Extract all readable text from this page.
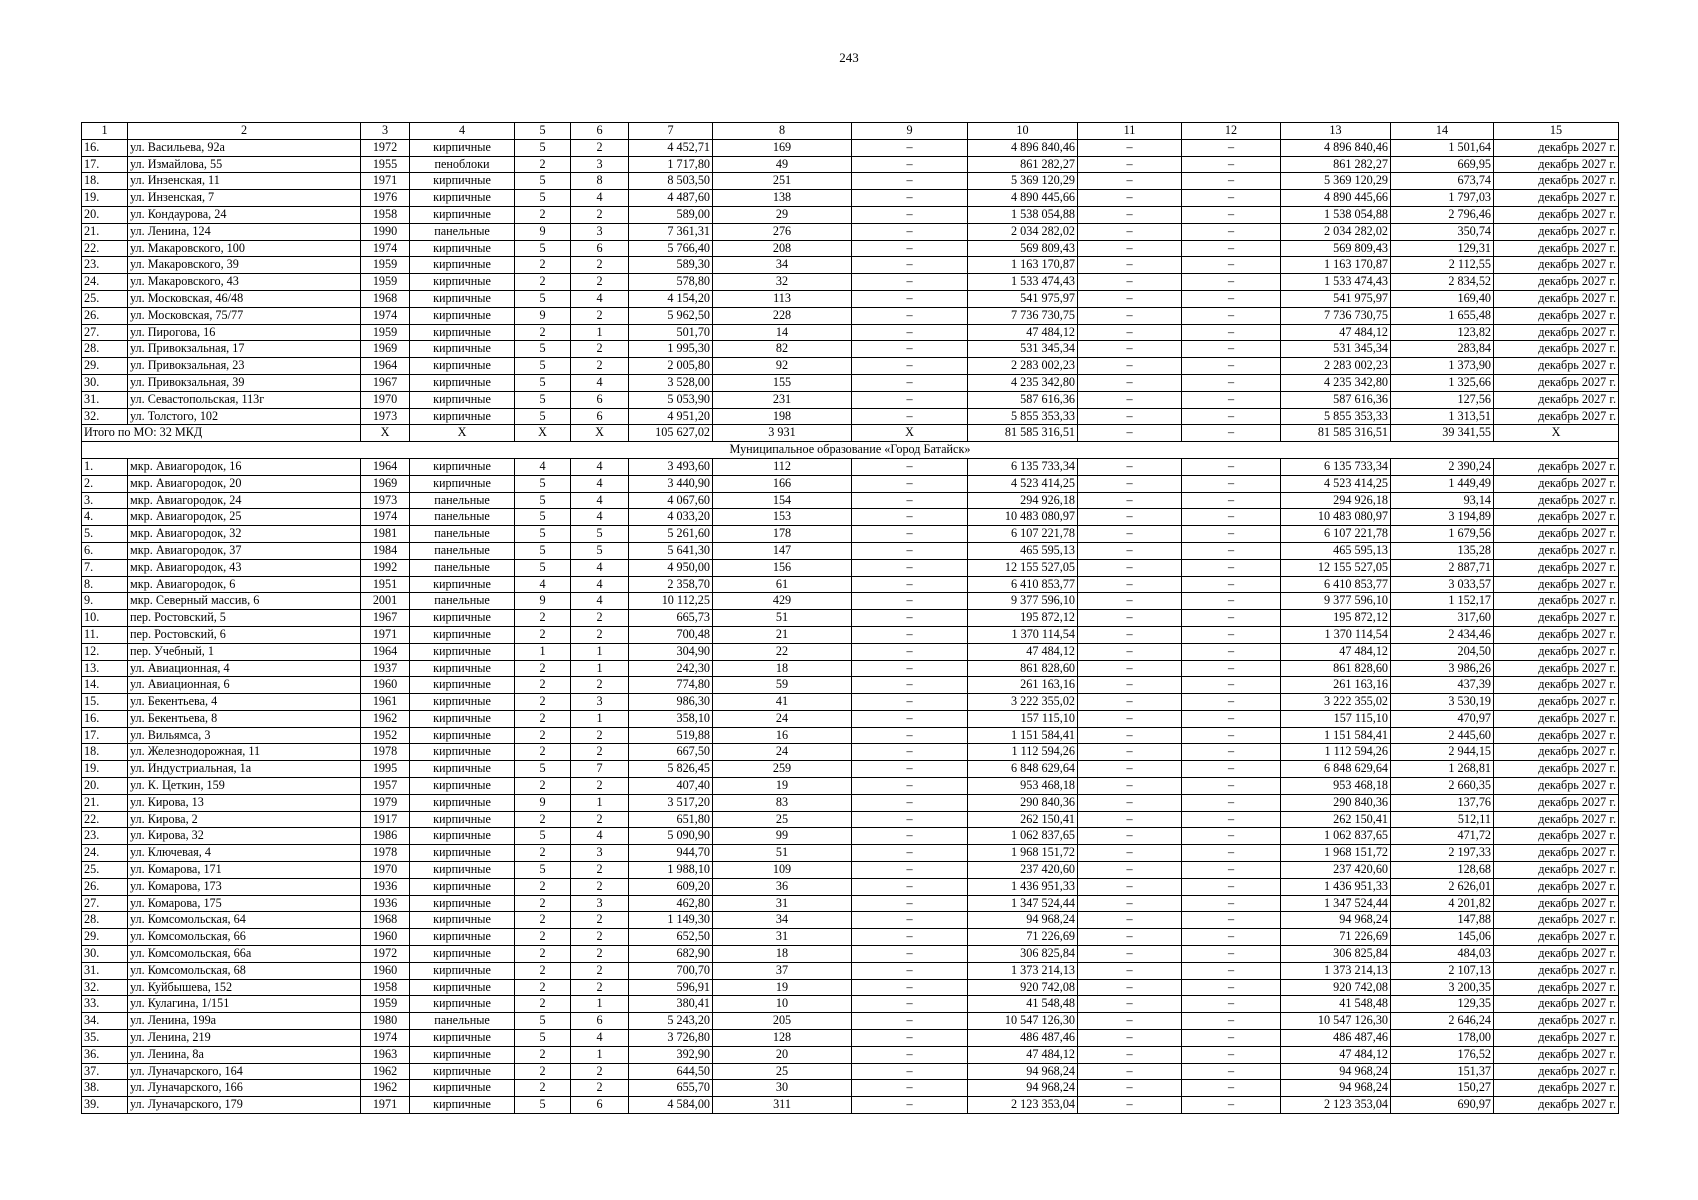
243
1	2	3	4	5	6	7	8	9	10	11	12	13	14	15
16.	ул. Васильева, 92а	1972	кирпичные	5	2	4 452,71	169	–	4 896 840,46	–	–	4 896 840,46	1 501,64	декабрь 2027 г.
17.	ул. Измайлова, 55	1955	пеноблоки	2	3	1 717,80	49	–	861 282,27	–	–	861 282,27	669,95	декабрь 2027 г.
18.	ул. Инзенская, 11	1971	кирпичные	5	8	8 503,50	251	–	5 369 120,29	–	–	5 369 120,29	673,74	декабрь 2027 г.
19.	ул. Инзенская, 7	1976	кирпичные	5	4	4 487,60	138	–	4 890 445,66	–	–	4 890 445,66	1 797,03	декабрь 2027 г.
20.	ул. Кондаурова, 24	1958	кирпичные	2	2	589,00	29	–	1 538 054,88	–	–	1 538 054,88	2 796,46	декабрь 2027 г.
21.	ул. Ленина, 124	1990	панельные	9	3	7 361,31	276	–	2 034 282,02	–	–	2 034 282,02	350,74	декабрь 2027 г.
22.	ул. Макаровского, 100	1974	кирпичные	5	6	5 766,40	208	–	569 809,43	–	–	569 809,43	129,31	декабрь 2027 г.
23.	ул. Макаровского, 39	1959	кирпичные	2	2	589,30	34	–	1 163 170,87	–	–	1 163 170,87	2 112,55	декабрь 2027 г.
24.	ул. Макаровского, 43	1959	кирпичные	2	2	578,80	32	–	1 533 474,43	–	–	1 533 474,43	2 834,52	декабрь 2027 г.
25.	ул. Московская, 46/48	1968	кирпичные	5	4	4 154,20	113	–	541 975,97	–	–	541 975,97	169,40	декабрь 2027 г.
26.	ул. Московская, 75/77	1974	кирпичные	9	2	5 962,50	228	–	7 736 730,75	–	–	7 736 730,75	1 655,48	декабрь 2027 г.
27.	ул. Пирогова, 16	1959	кирпичные	2	1	501,70	14	–	47 484,12	–	–	47 484,12	123,82	декабрь 2027 г.
28.	ул. Привокзальная, 17	1969	кирпичные	5	2	1 995,30	82	–	531 345,34	–	–	531 345,34	283,84	декабрь 2027 г.
29.	ул. Привокзальная, 23	1964	кирпичные	5	2	2 005,80	92	–	2 283 002,23	–	–	2 283 002,23	1 373,90	декабрь 2027 г.
30.	ул. Привокзальная, 39	1967	кирпичные	5	4	3 528,00	155	–	4 235 342,80	–	–	4 235 342,80	1 325,66	декабрь 2027 г.
31.	ул. Севастопольская, 113г	1970	кирпичные	5	6	5 053,90	231	–	587 616,36	–	–	587 616,36	127,56	декабрь 2027 г.
32.	ул. Толстого, 102	1973	кирпичные	5	6	4 951,20	198	–	5 855 353,33	–	–	5 855 353,33	1 313,51	декабрь 2027 г.
Итого по МО: 32 МКД		Х	Х	Х	Х	105 627,02	3 931	Х	81 585 316,51	–	–	81 585 316,51	39 341,55	Х
Муниципальное образование «Город Батайск»														
1.	мкр. Авиагородок, 16	1964	кирпичные	4	4	3 493,60	112	–	6 135 733,34	–	–	6 135 733,34	2 390,24	декабрь 2027 г.
2.	мкр. Авиагородок, 20	1969	кирпичные	5	4	3 440,90	166	–	4 523 414,25	–	–	4 523 414,25	1 449,49	декабрь 2027 г.
3.	мкр. Авиагородок, 24	1973	панельные	5	4	4 067,60	154	–	294 926,18	–	–	294 926,18	93,14	декабрь 2027 г.
4.	мкр. Авиагородок, 25	1974	панельные	5	4	4 033,20	153	–	10 483 080,97	–	–	10 483 080,97	3 194,89	декабрь 2027 г.
5.	мкр. Авиагородок, 32	1981	панельные	5	5	5 261,60	178	–	6 107 221,78	–	–	6 107 221,78	1 679,56	декабрь 2027 г.
6.	мкр. Авиагородок, 37	1984	панельные	5	5	5 641,30	147	–	465 595,13	–	–	465 595,13	135,28	декабрь 2027 г.
7.	мкр. Авиагородок, 43	1992	панельные	5	4	4 950,00	156	–	12 155 527,05	–	–	12 155 527,05	2 887,71	декабрь 2027 г.
8.	мкр. Авиагородок, 6	1951	кирпичные	4	4	2 358,70	61	–	6 410 853,77	–	–	6 410 853,77	3 033,57	декабрь 2027 г.
9.	мкр. Северный массив, 6	2001	панельные	9	4	10 112,25	429	–	9 377 596,10	–	–	9 377 596,10	1 152,17	декабрь 2027 г.
10.	пер. Ростовский, 5	1967	кирпичные	2	2	665,73	51	–	195 872,12	–	–	195 872,12	317,60	декабрь 2027 г.
11.	пер. Ростовский, 6	1971	кирпичные	2	2	700,48	21	–	1 370 114,54	–	–	1 370 114,54	2 434,46	декабрь 2027 г.
12.	пер. Учебный, 1	1964	кирпичные	1	1	304,90	22	–	47 484,12	–	–	47 484,12	204,50	декабрь 2027 г.
13.	ул. Авиационная, 4	1937	кирпичные	2	1	242,30	18	–	861 828,60	–	–	861 828,60	3 986,26	декабрь 2027 г.
14.	ул. Авиационная, 6	1960	кирпичные	2	2	774,80	59	–	261 163,16	–	–	261 163,16	437,39	декабрь 2027 г.
15.	ул. Бекентьева, 4	1961	кирпичные	2	3	986,30	41	–	3 222 355,02	–	–	3 222 355,02	3 530,19	декабрь 2027 г.
16.	ул. Бекентьева, 8	1962	кирпичные	2	1	358,10	24	–	157 115,10	–	–	157 115,10	470,97	декабрь 2027 г.
17.	ул. Вильямса, 3	1952	кирпичные	2	2	519,88	16	–	1 151 584,41	–	–	1 151 584,41	2 445,60	декабрь 2027 г.
18.	ул. Железнодорожная, 11	1978	кирпичные	2	2	667,50	24	–	1 112 594,26	–	–	1 112 594,26	2 944,15	декабрь 2027 г.
19.	ул. Индустриальная, 1а	1995	кирпичные	5	7	5 826,45	259	–	6 848 629,64	–	–	6 848 629,64	1 268,81	декабрь 2027 г.
20.	ул. К. Цеткин, 159	1957	кирпичные	2	2	407,40	19	–	953 468,18	–	–	953 468,18	2 660,35	декабрь 2027 г.
21.	ул. Кирова, 13	1979	кирпичные	9	1	3 517,20	83	–	290 840,36	–	–	290 840,36	137,76	декабрь 2027 г.
22.	ул. Кирова, 2	1917	кирпичные	2	2	651,80	25	–	262 150,41	–	–	262 150,41	512,11	декабрь 2027 г.
23.	ул. Кирова, 32	1986	кирпичные	5	4	5 090,90	99	–	1 062 837,65	–	–	1 062 837,65	471,72	декабрь 2027 г.
24.	ул. Ключевая, 4	1978	кирпичные	2	3	944,70	51	–	1 968 151,72	–	–	1 968 151,72	2 197,33	декабрь 2027 г.
25.	ул. Комарова, 171	1970	кирпичные	5	2	1 988,10	109	–	237 420,60	–	–	237 420,60	128,68	декабрь 2027 г.
26.	ул. Комарова, 173	1936	кирпичные	2	2	609,20	36	–	1 436 951,33	–	–	1 436 951,33	2 626,01	декабрь 2027 г.
27.	ул. Комарова, 175	1936	кирпичные	2	3	462,80	31	–	1 347 524,44	–	–	1 347 524,44	4 201,82	декабрь 2027 г.
28.	ул. Комсомольская, 64	1968	кирпичные	2	2	1 149,30	34	–	94 968,24	–	–	94 968,24	147,88	декабрь 2027 г.
29.	ул. Комсомольская, 66	1960	кирпичные	2	2	652,50	31	–	71 226,69	–	–	71 226,69	145,06	декабрь 2027 г.
30.	ул. Комсомольская, 66а	1972	кирпичные	2	2	682,90	18	–	306 825,84	–	–	306 825,84	484,03	декабрь 2027 г.
31.	ул. Комсомольская, 68	1960	кирпичные	2	2	700,70	37	–	1 373 214,13	–	–	1 373 214,13	2 107,13	декабрь 2027 г.
32.	ул. Куйбышева, 152	1958	кирпичные	2	2	596,91	19	–	920 742,08	–	–	920 742,08	3 200,35	декабрь 2027 г.
33.	ул. Кулагина, 1/151	1959	кирпичные	2	1	380,41	10	–	41 548,48	–	–	41 548,48	129,35	декабрь 2027 г.
34.	ул. Ленина, 199а	1980	панельные	5	6	5 243,20	205	–	10 547 126,30	–	–	10 547 126,30	2 646,24	декабрь 2027 г.
35.	ул. Ленина, 219	1974	кирпичные	5	4	3 726,80	128	–	486 487,46	–	–	486 487,46	178,00	декабрь 2027 г.
36.	ул. Ленина, 8а	1963	кирпичные	2	1	392,90	20	–	47 484,12	–	–	47 484,12	176,52	декабрь 2027 г.
37.	ул. Луначарского, 164	1962	кирпичные	2	2	644,50	25	–	94 968,24	–	–	94 968,24	151,37	декабрь 2027 г.
38.	ул. Луначарского, 166	1962	кирпичные	2	2	655,70	30	–	94 968,24	–	–	94 968,24	150,27	декабрь 2027 г.
39.	ул. Луначарского, 179	1971	кирпичные	5	6	4 584,00	311	–	2 123 353,04	–	–	2 123 353,04	690,97	декабрь 2027 г.
